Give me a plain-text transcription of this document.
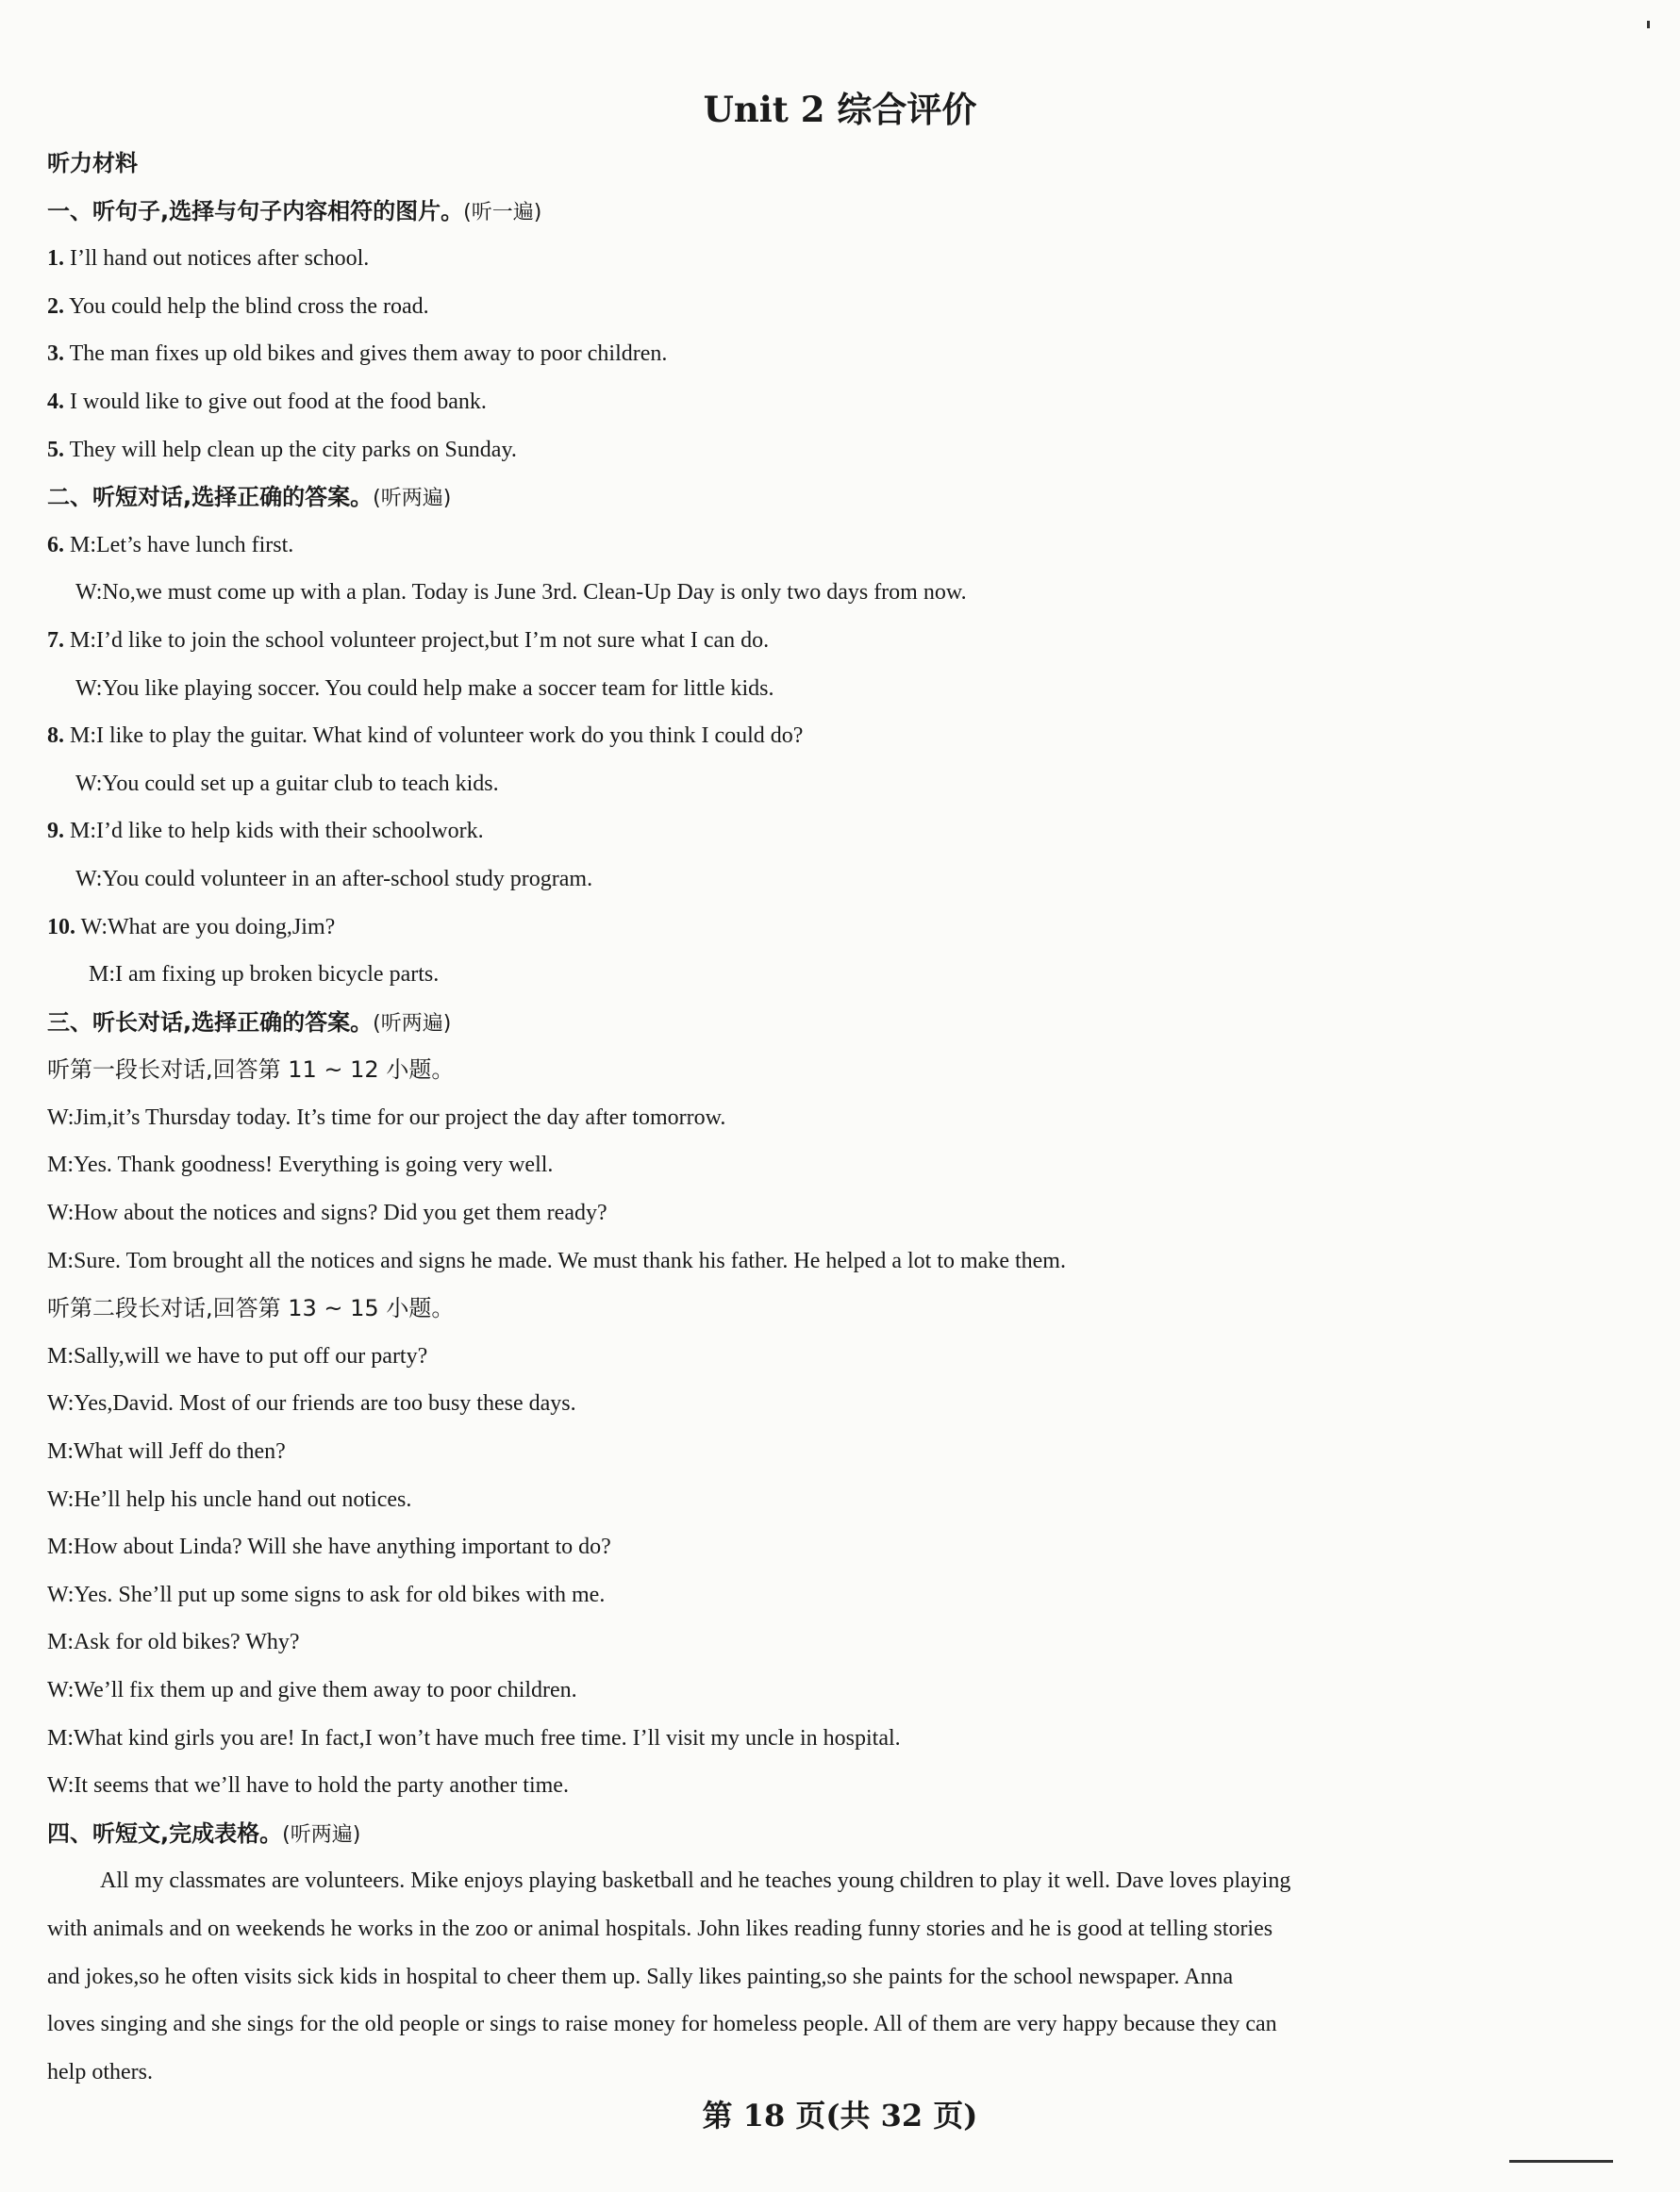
Unit 2 综合评价
听力材料
一、听句子,选择与句子内容相符的图片。(听一遍)
1. I’ll hand out notices after school.
2. You could help the blind cross the road.
3. The man fixes up old bikes and gives them away to poor children.
4. I would like to give out food at the food bank.
5. They will help clean up the city parks on Sunday.
二、听短对话,选择正确的答案。(听两遍)
6. M:Let’s have lunch first.
W:No,we must come up with a plan. Today is June 3rd. Clean-Up Day is only two days from now.
7. M:I’d like to join the school volunteer project,but I’m not sure what I can do.
W:You like playing soccer. You could help make a soccer team for little kids.
8. M:I like to play the guitar. What kind of volunteer work do you think I could do?
W:You could set up a guitar club to teach kids.
9. M:I’d like to help kids with their schoolwork.
W:You could volunteer in an after-school study program.
10. W:What are you doing,Jim?
M:I am fixing up broken bicycle parts.
三、听长对话,选择正确的答案。(听两遍)
听第一段长对话,回答第 11 ~ 12 小题。
W:Jim,it’s Thursday today. It’s time for our project the day after tomorrow.
M:Yes. Thank goodness! Everything is going very well.
W:How about the notices and signs? Did you get them ready?
M:Sure. Tom brought all the notices and signs he made. We must thank his father. He helped a lot to make them.
听第二段长对话,回答第 13 ~ 15 小题。
M:Sally,will we have to put off our party?
W:Yes,David. Most of our friends are too busy these days.
M:What will Jeff do then?
W:He’ll help his uncle hand out notices.
M:How about Linda? Will she have anything important to do?
W:Yes. She’ll put up some signs to ask for old bikes with me.
M:Ask for old bikes? Why?
W:We’ll fix them up and give them away to poor children.
M:What kind girls you are! In fact,I won’t have much free time. I’ll visit my uncle in hospital.
W:It seems that we’ll have to hold the party another time.
四、听短文,完成表格。(听两遍)
All my classmates are volunteers. Mike enjoys playing basketball and he teaches young children to play it well. Dave loves playing
with animals and on weekends he works in the zoo or animal hospitals. John likes reading funny stories and he is good at telling stories
and jokes,so he often visits sick kids in hospital to cheer them up. Sally likes painting,so she paints for the school newspaper. Anna
loves singing and she sings for the old people or sings to raise money for homeless people. All of them are very happy because they can
help others.
第 18 页(共 32 页)
